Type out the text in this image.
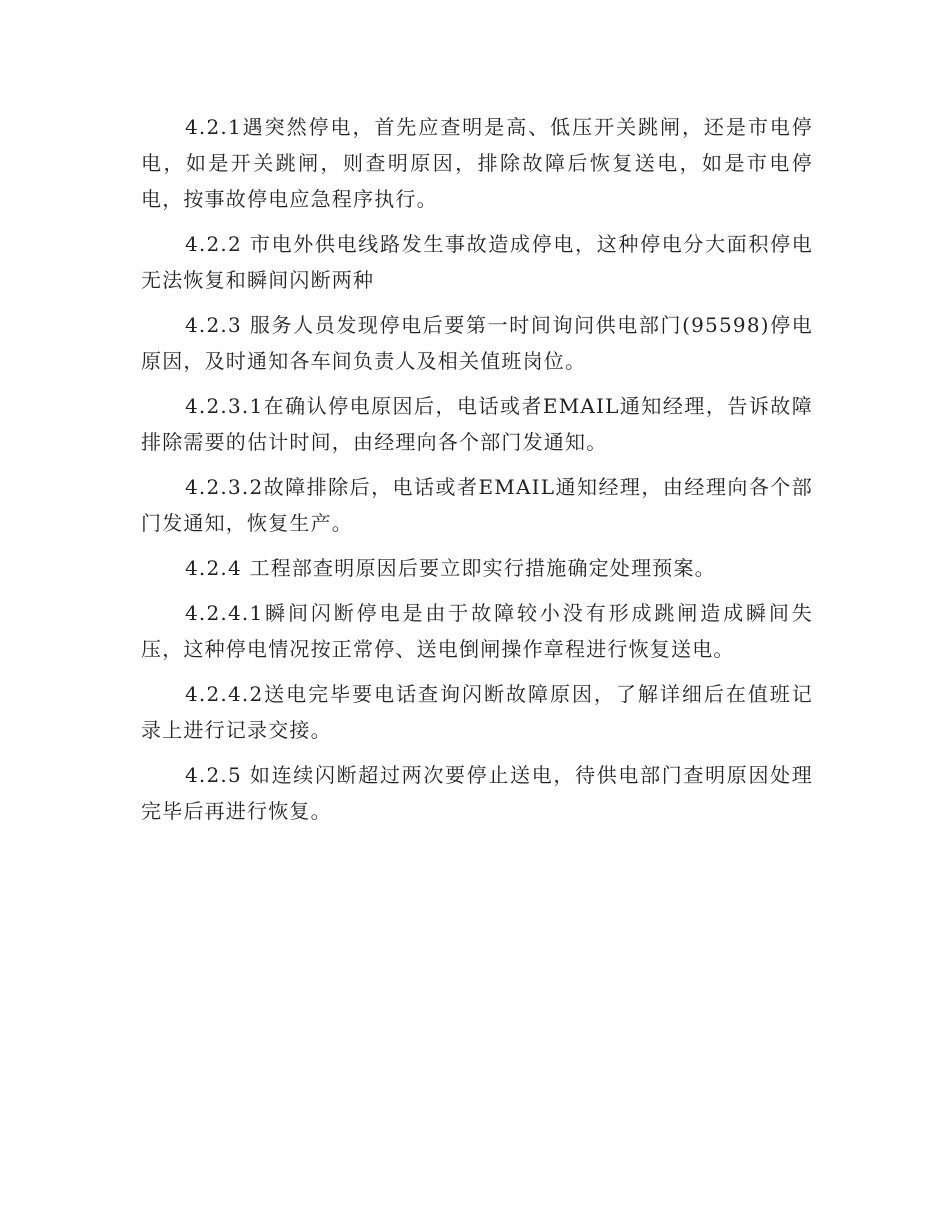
4.2.1遇突然停电，首先应查明是高、低压开关跳闸，还是市电停电，如是开关跳闸，则查明原因，排除故障后恢复送电，如是市电停电，按事故停电应急程序执行。

4.2.2 市电外供电线路发生事故造成停电，这种停电分大面积停电无法恢复和瞬间闪断两种

4.2.3 服务人员发现停电后要第一时间询问供电部门(95598)停电原因，及时通知各车间负责人及相关值班岗位。

4.2.3.1在确认停电原因后，电话或者EMAIL通知经理，告诉故障排除需要的估计时间，由经理向各个部门发通知。

4.2.3.2故障排除后，电话或者EMAIL通知经理，由经理向各个部门发通知，恢复生产。

4.2.4 工程部查明原因后要立即实行措施确定处理预案。

4.2.4.1瞬间闪断停电是由于故障较小没有形成跳闸造成瞬间失压，这种停电情况按正常停、送电倒闸操作章程进行恢复送电。

4.2.4.2送电完毕要电话查询闪断故障原因，了解详细后在值班记录上进行记录交接。

4.2.5 如连续闪断超过两次要停止送电，待供电部门查明原因处理完毕后再进行恢复。
